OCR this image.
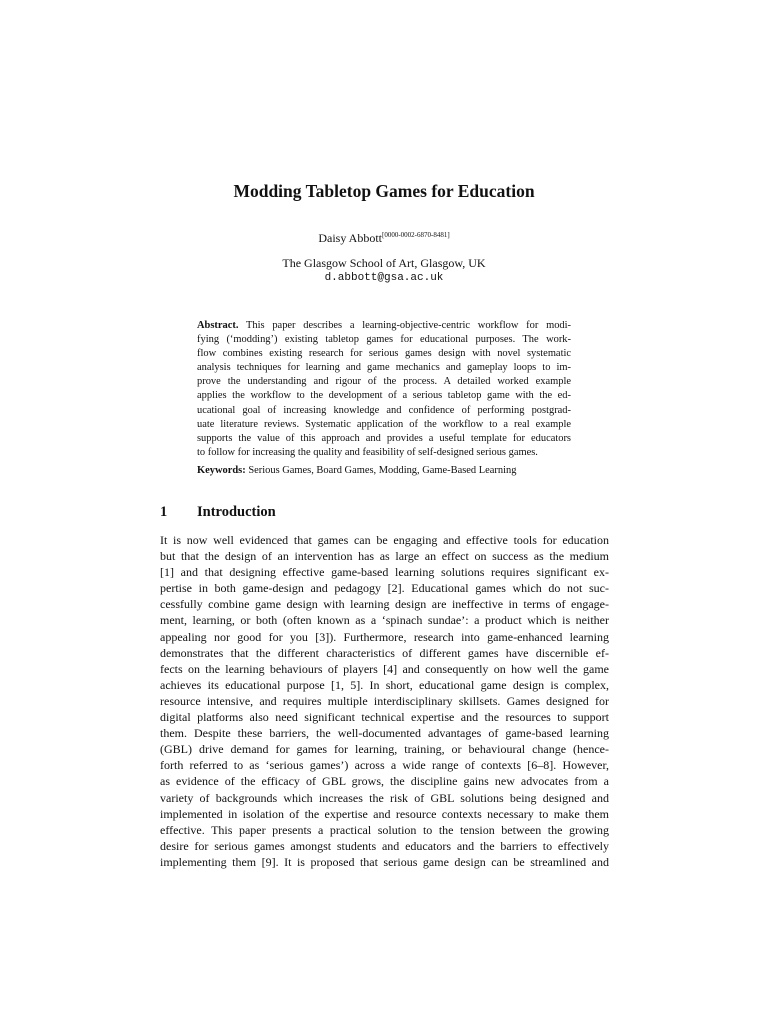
Modding Tabletop Games for Education
Daisy Abbott[0000-0002-6870-8481]
The Glasgow School of Art, Glasgow, UK
d.abbott@gsa.ac.uk
Abstract. This paper describes a learning-objective-centric workflow for modi-
fying (‘modding’) existing tabletop games for educational purposes. The work-
flow combines existing research for serious games design with novel systematic
analysis techniques for learning and game mechanics and gameplay loops to im-
prove the understanding and rigour of the process. A detailed worked example
applies the workflow to the development of a serious tabletop game with the ed-
ucational goal of increasing knowledge and confidence of performing postgrad-
uate literature reviews. Systematic application of the workflow to a real example
supports the value of this approach and provides a useful template for educators
to follow for increasing the quality and feasibility of self-designed serious games.
Keywords: Serious Games, Board Games, Modding, Game-Based Learning
1 Introduction
It is now well evidenced that games can be engaging and effective tools for education
but that the design of an intervention has as large an effect on success as the medium
[1] and that designing effective game-based learning solutions requires significant ex-
pertise in both game-design and pedagogy [2]. Educational games which do not suc-
cessfully combine game design with learning design are ineffective in terms of engage-
ment, learning, or both (often known as a ‘spinach sundae’: a product which is neither
appealing nor good for you [3]). Furthermore, research into game-enhanced learning
demonstrates that the different characteristics of different games have discernible ef-
fects on the learning behaviours of players [4] and consequently on how well the game
achieves its educational purpose [1, 5]. In short, educational game design is complex,
resource intensive, and requires multiple interdisciplinary skillsets. Games designed for
digital platforms also need significant technical expertise and the resources to support
them. Despite these barriers, the well-documented advantages of game-based learning
(GBL) drive demand for games for learning, training, or behavioural change (hence-
forth referred to as ‘serious games’) across a wide range of contexts [6–8]. However,
as evidence of the efficacy of GBL grows, the discipline gains new advocates from a
variety of backgrounds which increases the risk of GBL solutions being designed and
implemented in isolation of the expertise and resource contexts necessary to make them
effective. This paper presents a practical solution to the tension between the growing
desire for serious games amongst students and educators and the barriers to effectively
implementing them [9]. It is proposed that serious game design can be streamlined and
